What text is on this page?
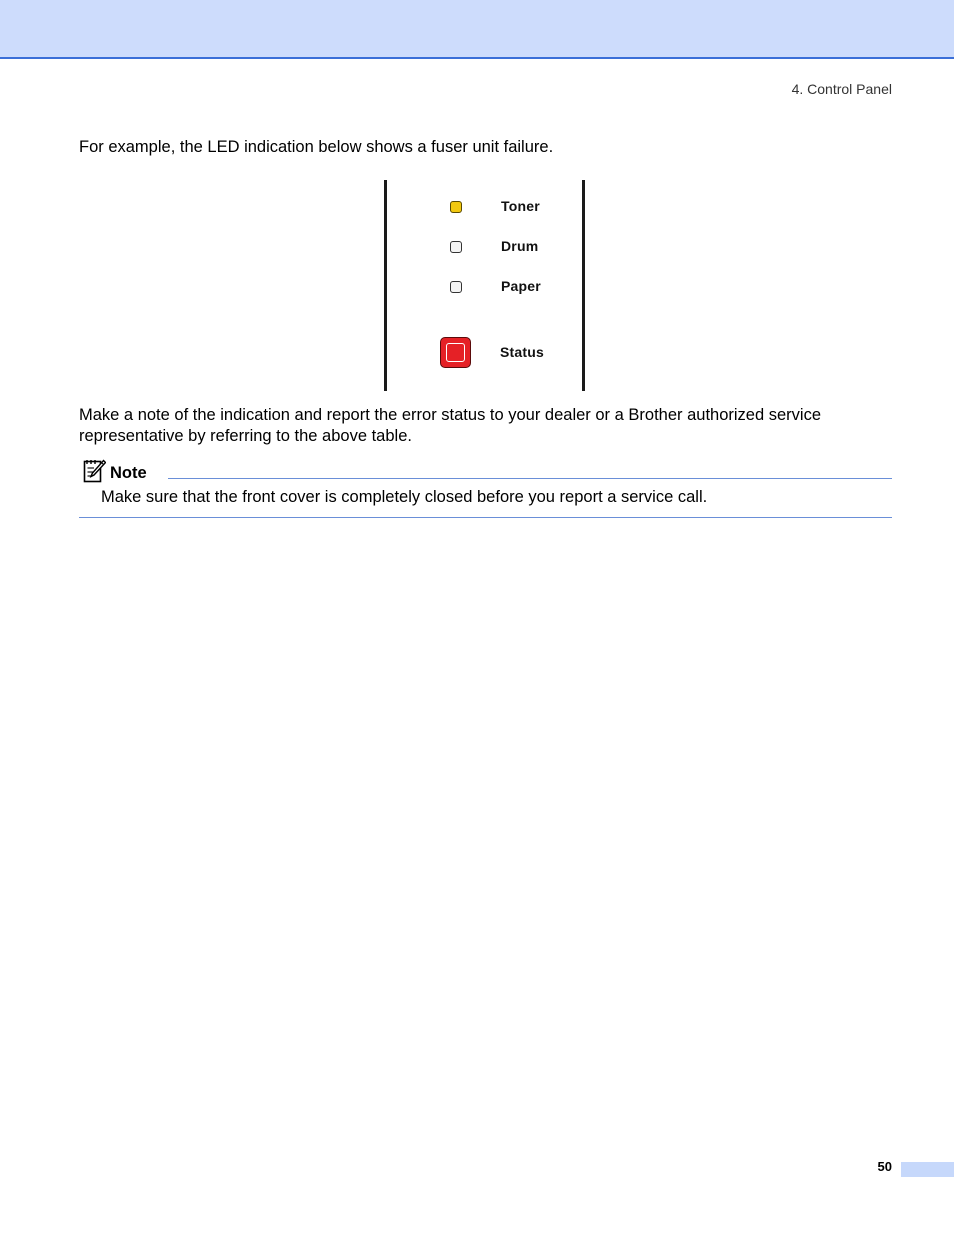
4. Control Panel

For example, the LED indication below shows a fuser unit failure.

Toner
Drum
Paper
Status

Make a note of the indication and report the error status to your dealer or a Brother authorized service representative by referring to the above table.

Note
Make sure that the front cover is completely closed before you report a service call.
50
